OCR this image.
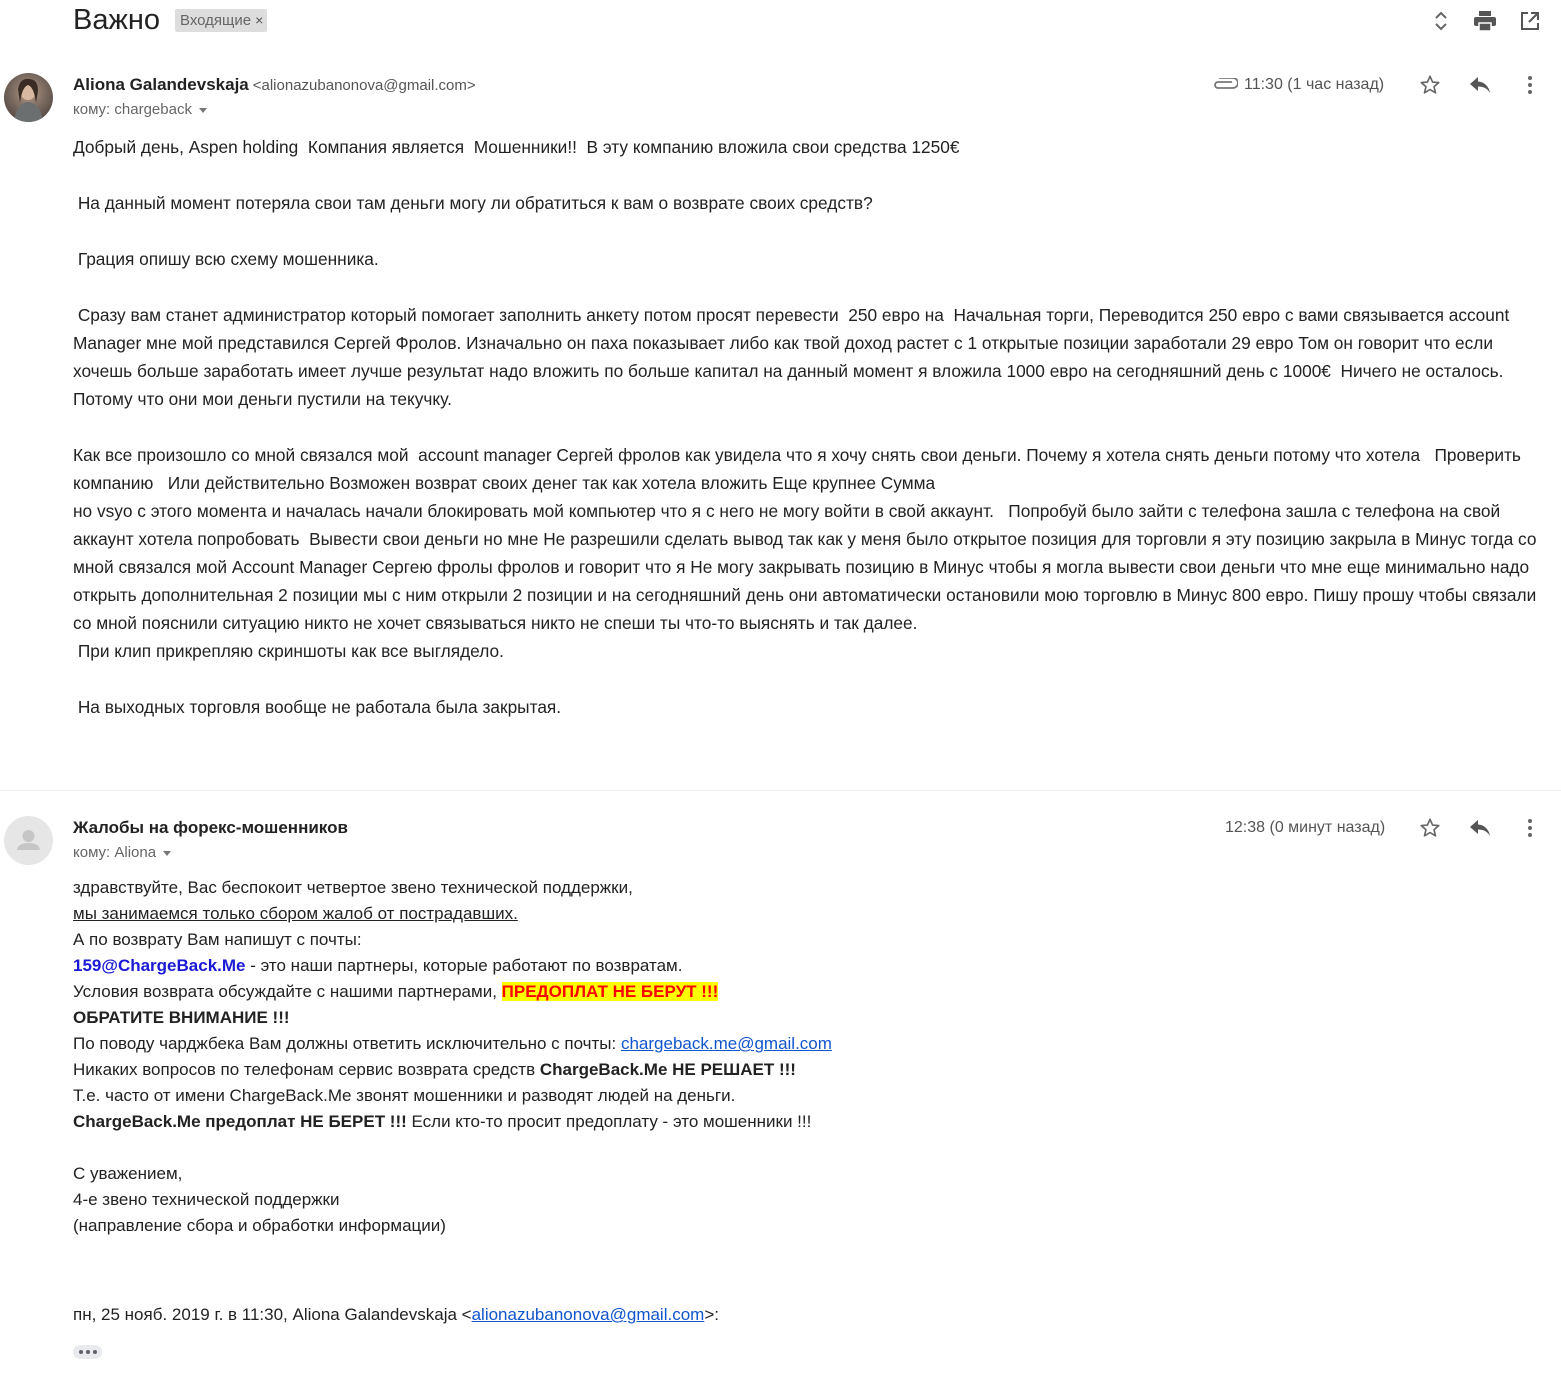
Важно	Входящие ×
Aliona Galandevskaja <alionazubanonova@gmail.com>
кому: chargeback
11:30 (1 час назад)

Добрый день, Aspen holding  Компания является  Мошенники!!  В эту компанию вложила свои средства 1250€

На данный момент потеряла свои там деньги могу ли обратиться к вам о возврате своих средств?

Грация опишу всю схему мошенника.

Сразу вам станет администратор который помогает заполнить анкету потом просят перевести  250 евро на  Начальная торги, Переводится 250 евро с вами связывается account Manager мне мой представился Сергей Фролов. Изначально он паха показывает либо как твой доход растет с 1 открытые позиции заработали 29 евро Том он говорит что если хочешь больше заработать имеет лучше результат надо вложить по больше капитал на данный момент я вложила 1000 евро на сегодняшний день с 1000€  Ничего не осталось. Потому что они мои деньги пустили на текучку.

Как все произошло со мной связался мой  account manager Сергей фролов как увидела что я хочу снять свои деньги. Почему я хотела снять деньги потому что хотела   Проверить компанию   Или действительно Возможен возврат своих денег так как хотела вложить Еще крупнее Сумма

но vsyo с этого момента и началась начали блокировать мой компьютер что я с него не могу войти в свой аккаунт.   Попробуй было зайти с телефона зашла с телефона на свой аккаунт хотела попробовать  Вывести свои деньги но мне Не разрешили сделать вывод так как у меня было открытое позиция для торговли я эту позицию закрыла в Минус тогда со мной связался мой Account Manager Сергею фролы фролов и говорит что я Не могу закрывать позицию в Минус чтобы я могла вывести свои деньги что мне еще минимально надо открыть дополнительная 2 позиции мы с ним открыли 2 позиции и на сегодняшний день они автоматически остановили мою торговлю в Минус 800 евро. Пишу прошу чтобы связали со мной пояснили ситуацию никто не хочет связываться никто не спеши ты что-то выяснять и так далее.

При клип прикрепляю скриншоты как все выглядело.

На выходных торговля вообще не работала была закрытая.

Жалобы на форекс-мошенников
кому: Aliona
12:38 (0 минут назад)

здравствуйте, Вас беспокоит четвертое звено технической поддержки,

мы занимаемся только сбором жалоб от пострадавших.

А по возврату Вам напишут с почты:

159@ChargeBack.Me - это наши партнеры, которые работают по возвратам.

Условия возврата обсуждайте с нашими партнерами, ПРЕДОПЛАТ НЕ БЕРУТ !!!

ОБРАТИТЕ ВНИМАНИЕ !!!

По поводу чарджбека Вам должны ответить исключительно с почты: chargeback.me@gmail.com

Никаких вопросов по телефонам сервис возврата средств ChargeBack.Me НЕ РЕШАЕТ !!!

Т.е. часто от имени ChargeBack.Me звонят мошенники и разводят людей на деньги.

ChargeBack.Me предоплат НЕ БЕРЕТ !!! Если кто-то просит предоплату - это мошенники !!!

С уважением,

4-е звено технической поддержки

(направление сбора и обработки информации)

пн, 25 нояб. 2019 г. в 11:30, Aliona Galandevskaja <alionazubanonova@gmail.com>:
